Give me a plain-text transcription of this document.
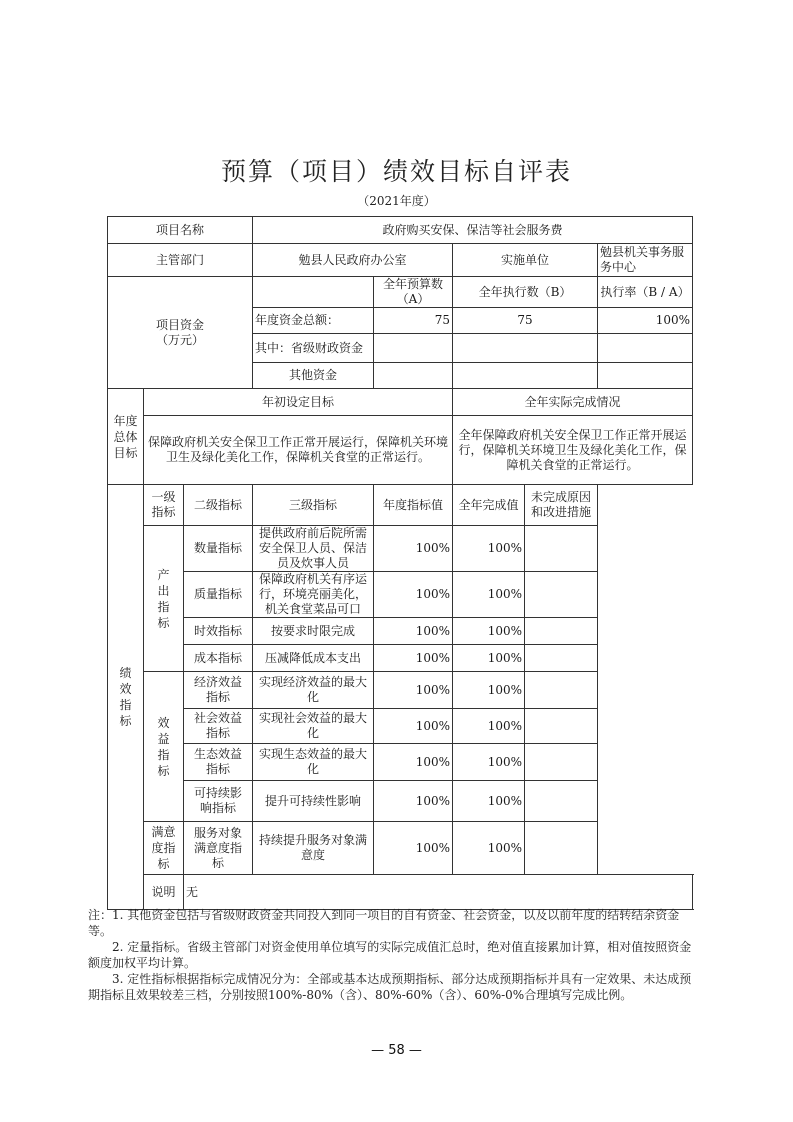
预算（项目）绩效目标自评表
（2021年度）
项目名称			政府购买安保、保洁等社会服务费				
主管部门			勉县人民政府办公室		实施单位		勉县机关事务服务中心
项目资金
（万元）				全年预算数（A）	全年执行数（B）		执行率（B / A）
			年度资金总额：	75	75		100%
			其中：省级财政资金				
			其他资金				
年度总体目标	年初设定目标				全年实际完成情况		
	保障政府机关安全保卫工作正常开展运行，保障机关环境卫生及绿化美化工作，保障机关食堂的正常运行。				全年保障政府机关安全保卫工作正常开展运行，保障机关环境卫生及绿化美化工作，保障机关食堂的正常运行。		
绩效指标	一级指标	二级指标	三级指标	年度指标值	全年完成值	未完成原因和改进措施	
	产出指标	数量指标	提供政府前后院所需安全保卫人员、保洁员及炊事人员	100%	100%		
		质量指标	保障政府机关有序运行，环境亮丽美化，机关食堂菜品可口	100%	100%		
		时效指标	按要求时限完成	100%	100%		
		成本指标	压减降低成本支出	100%	100%		
	效益指标	经济效益指标	实现经济效益的最大化	100%	100%		
		社会效益指标	实现社会效益的最大化	100%	100%		
		生态效益指标	实现生态效益的最大化	100%	100%		
		可持续影响指标	提升可持续性影响	100%	100%		
	满意度指标	服务对象满意度指标	持续提升服务对象满意度	100%	100%		
	说明	无					

注：1. 其他资金包括与省级财政资金共同投入到同一项目的自有资金、社会资金，以及以前年度的结转结余资金等。

2. 定量指标。省级主管部门对资金使用单位填写的实际完成值汇总时，绝对值直接累加计算，相对值按照资金额度加权平均计算。

3. 定性指标根据指标完成情况分为：全部或基本达成预期指标、部分达成预期指标并具有一定效果、未达成预期指标且效果较差三档，分别按照100%-80%（含）、80%-60%（含）、60%-0%合理填写完成比例。

— 58 —
